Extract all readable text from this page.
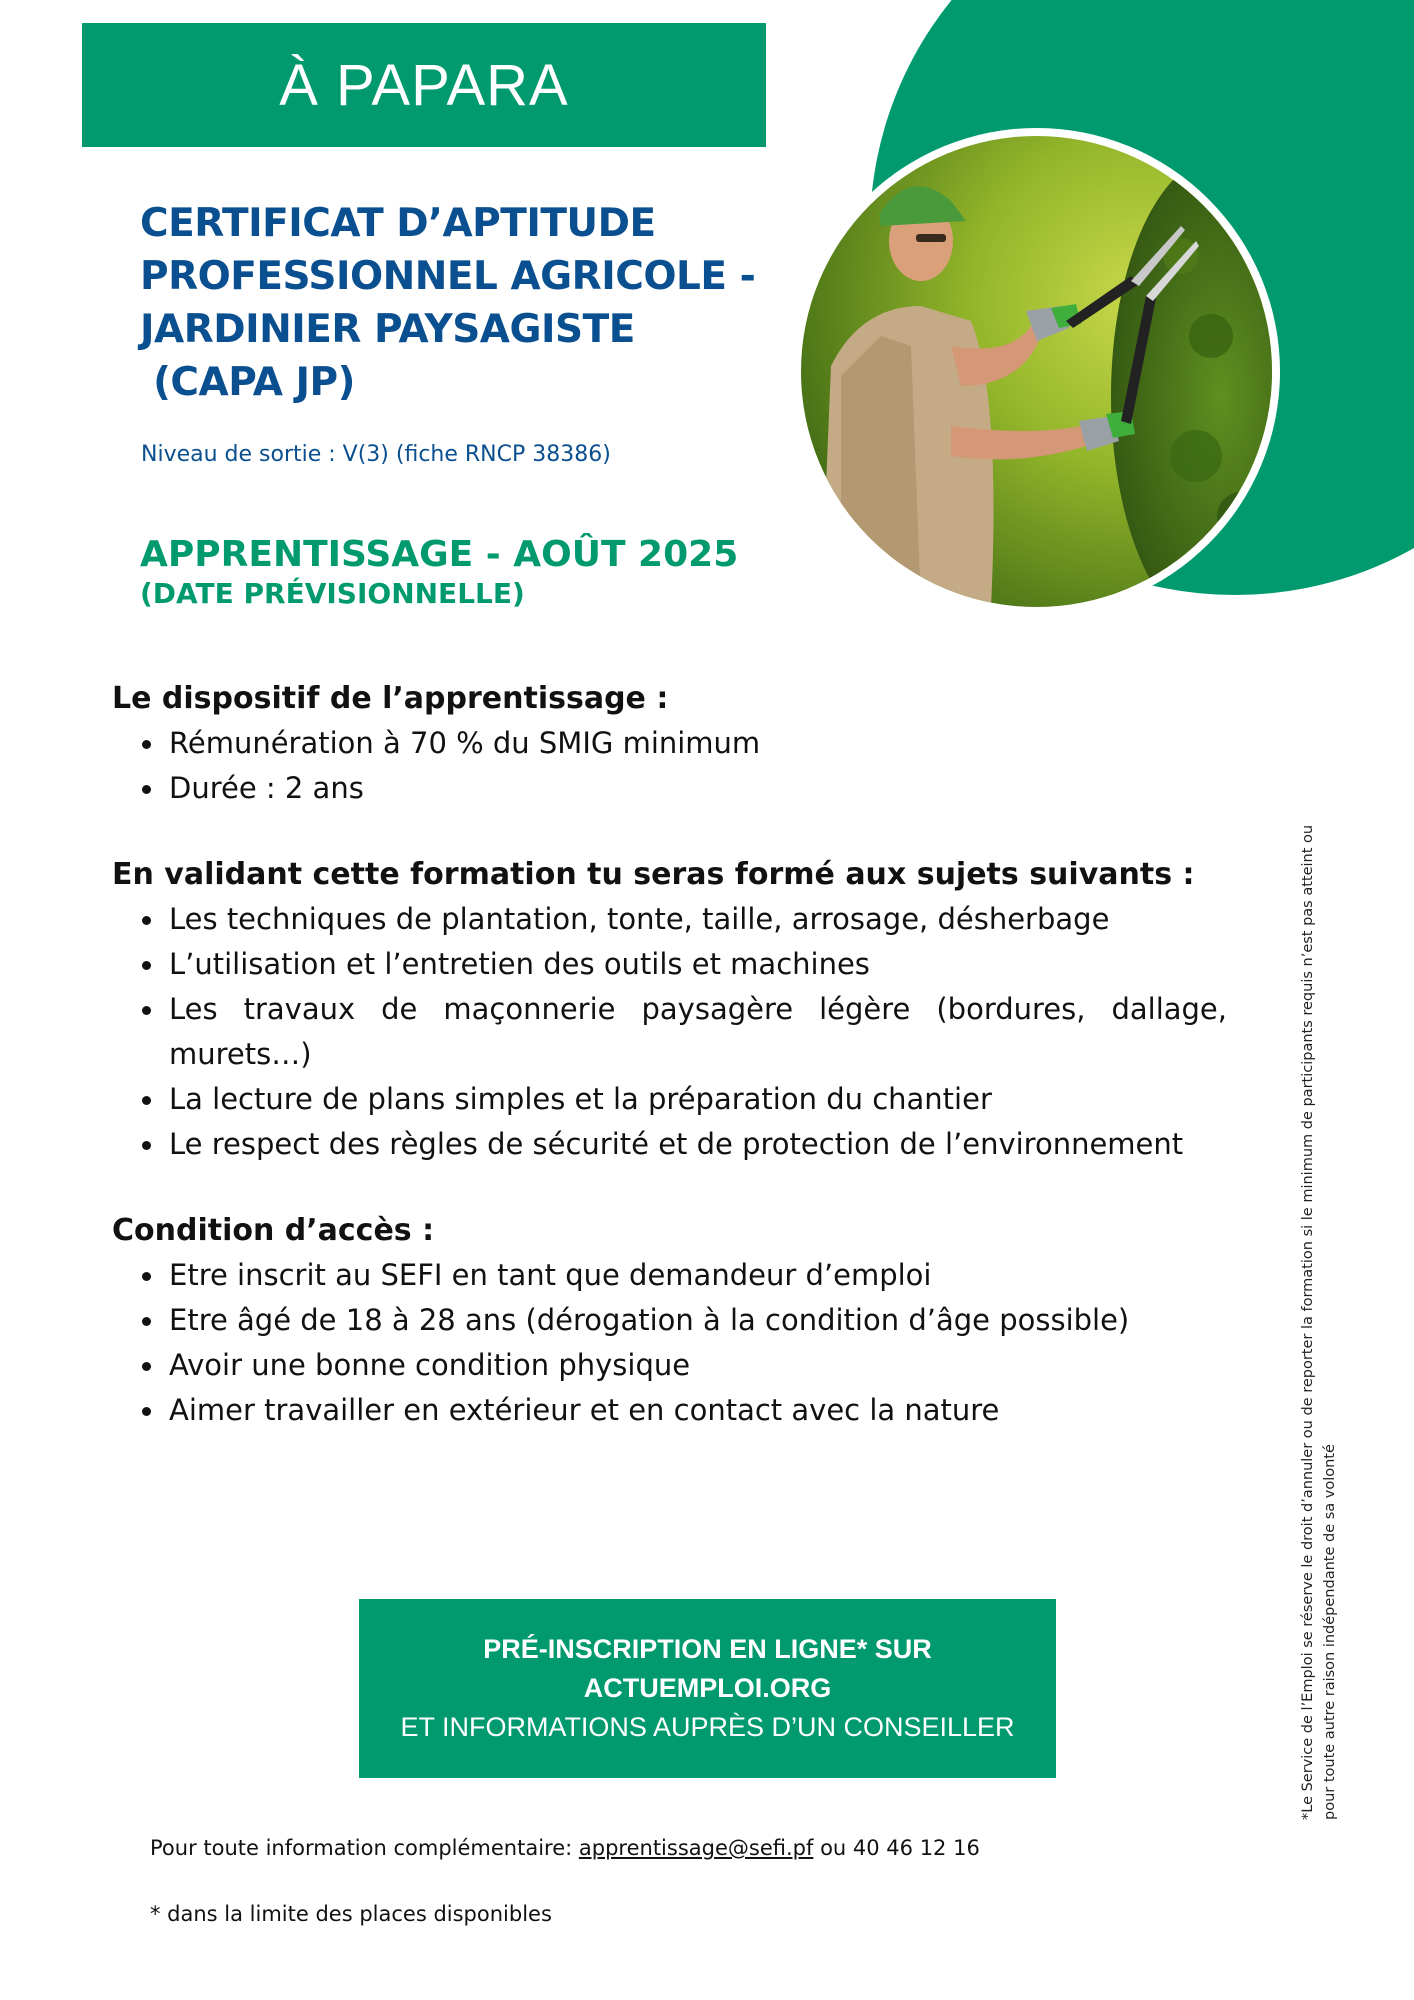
À PAPARA
CERTIFICAT D’APTITUDE
PROFESSIONNEL AGRICOLE -
JARDINIER PAYSAGISTE
(CAPA JP)
Niveau de sortie : V(3) (fiche RNCP 38386)
APPRENTISSAGE - AOÛT 2025
(DATE PRÉVISIONNELLE)

Le dispositif de l’apprentissage :

Rémunération à 70 % du SMIG minimum
Durée : 2 ans

En validant cette formation tu seras formé aux sujets suivants :

Les techniques de plantation, tonte, taille, arrosage, désherbage
L’utilisation et l’entretien des outils et machines
Les travaux de maçonnerie paysagère légère (bordures, dallage, murets…)
La lecture de plans simples et la préparation du chantier
Le respect des règles de sécurité et de protection de l’environnement

Condition d’accès :

Etre inscrit au SEFI en tant que demandeur d’emploi
Etre âgé de 18 à 28 ans (dérogation à la condition d’âge possible)
Avoir une bonne condition physique
Aimer travailler en extérieur et en contact avec la nature
PRÉ-INSCRIPTION EN LIGNE* SUR
ACTUEMPLOI.ORG
ET INFORMATIONS AUPRÈS D’UN CONSEILLER
Pour toute information complémentaire: apprentissage@sefi.pf ou 40 46 12 16
* dans la limite des places disponibles
*Le Service de l’Emploi se réserve le droit d’annuler ou de reporter la formation si le minimum de participants requis n’est pas atteint ou pour toute autre raison indépendante de sa volonté
